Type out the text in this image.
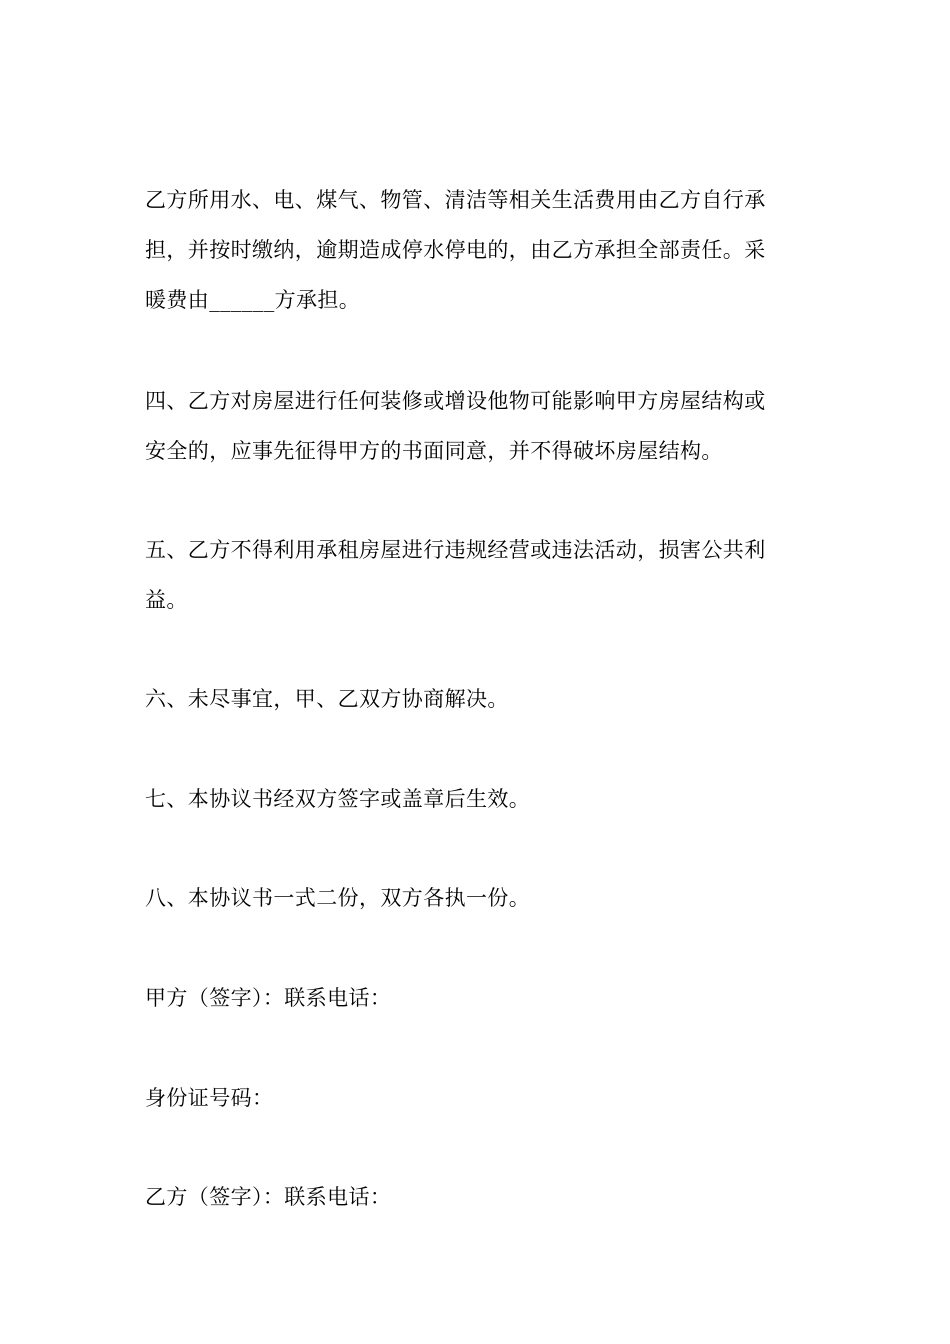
乙方所用水、电、煤气、物管、清洁等相关生活费用由乙方自行承
担，并按时缴纳，逾期造成停水停电的，由乙方承担全部责任。采
暖费由______方承担。
四、乙方对房屋进行任何装修或增设他物可能影响甲方房屋结构或
安全的，应事先征得甲方的书面同意，并不得破坏房屋结构。
五、乙方不得利用承租房屋进行违规经营或违法活动，损害公共利
益。
六、未尽事宜，甲、乙双方协商解决。
七、本协议书经双方签字或盖章后生效。
八、本协议书一式二份，双方各执一份。
甲方（签字）：联系电话：
身份证号码：
乙方（签字）：联系电话：
